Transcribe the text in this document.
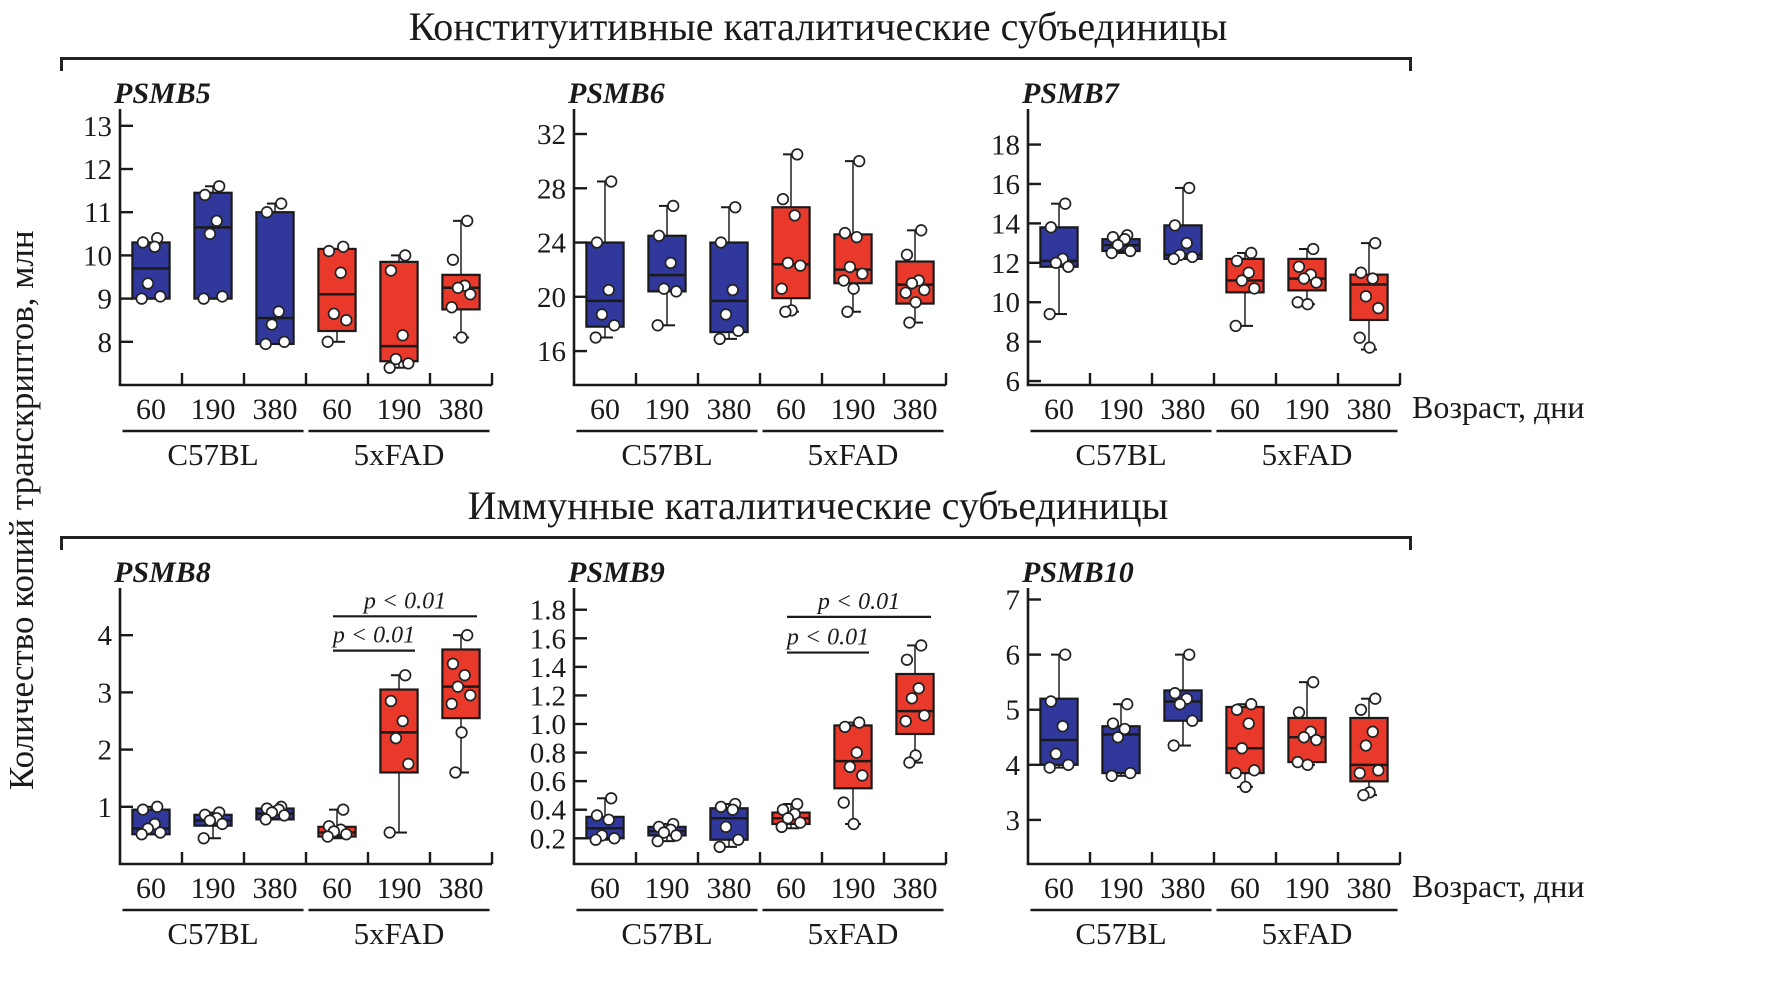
Количество копий транскриптов, млн
Конституитивные каталитические субъединицы
PSMB5
8
9
10
11
12
13
60 190 380 60 190 380
C57BL	5xFAD
PSMB6
16
20
24
28
32
60 190 380 60 190 380
C57BL	5xFAD
PSMB7
6
8
10
12
14
16
18
60 190 380 60 190 380
C57BL	5xFAD
Возраст, дни
Иммунные каталитические субъединицы
PSMB8
1
2
3
4	p < 0.01
p < 0.01
60 190 380 60 190 380
C57BL	5xFAD
PSMB9
0.2
0.4
0.6
0.8
1.0
1.2
1.4
1.6
1.8
p < 0.01
p < 0.01
60 190 380 60 190 380
C57BL	5xFAD
PSMB10
3
4
5
6
7
60 190 380 60 190 380
C57BL	5xFAD
Возраст, дни
